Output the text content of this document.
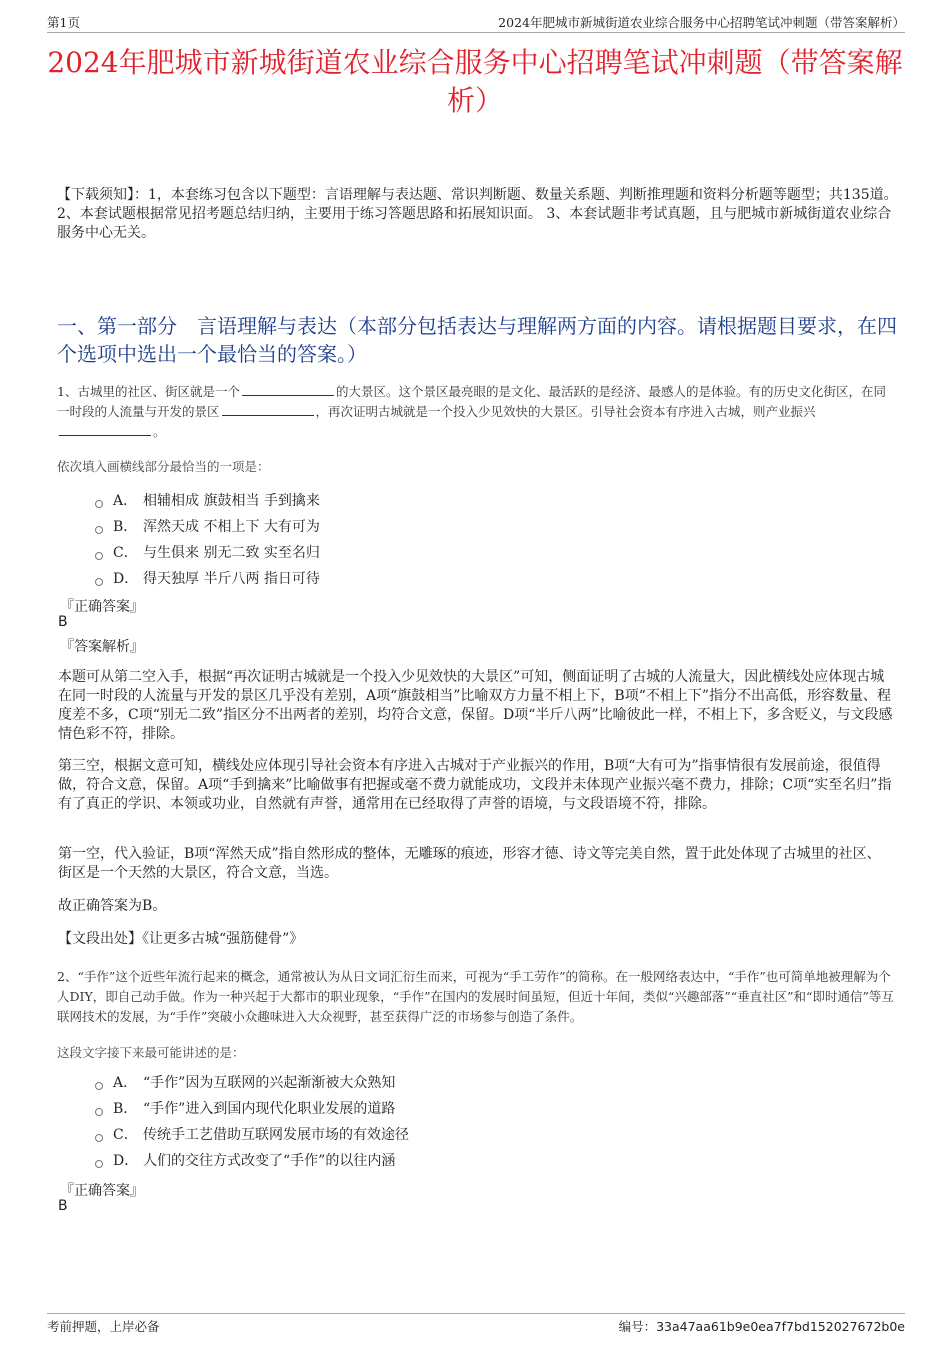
第1页	2024年肥城市新城街道农业综合服务中心招聘笔试冲刺题（带答案解析）
2024年肥城市新城街道农业综合服务中心招聘笔试冲刺题（带答案解析）

【下载须知】：1，本套练习包含以下题型：言语理解与表达题、常识判断题、数量关系题、判断推理题和资料分析题等题型；共135道。 2、本套试题根据常见招考题总结归纳，主要用于练习答题思路和拓展知识面。 3、本套试题非考试真题，且与肥城市新城街道农业综合服务中心无关。

一、第一部分　言语理解与表达（本部分包括表达与理解两方面的内容。请根据题目要求，在四个选项中选出一个最恰当的答案。）

1、古城里的社区、街区就是一个	的大景区。这个景区最亮眼的是文化、最活跃的是经济、最感人的是体验。有的历史文化街区，在同一时段的人流量与开发的景区	，再次证明古城就是一个投入少见效快的大景区。引导社会资本有序进入古城，则产业振兴。

依次填入画横线部分最恰当的一项是：

A． 相辅相成 旗鼓相当 手到擒来
B． 浑然天成 不相上下 大有可为
C． 与生俱来 别无二致 实至名归
D． 得天独厚 半斤八两 指日可待

『正确答案』

B

『答案解析』

本题可从第二空入手，根据“再次证明古城就是一个投入少见效快的大景区”可知，侧面证明了古城的人流量大，因此横线处应体现古城在同一时段的人流量与开发的景区几乎没有差别，A项“旗鼓相当”比喻双方力量不相上下，B项“不相上下”指分不出高低，形容数量、程度差不多，C项“别无二致”指区分不出两者的差别，均符合文意，保留。D项“半斤八两”比喻彼此一样，不相上下，多含贬义，与文段感情色彩不符，排除。

第三空，根据文意可知，横线处应体现引导社会资本有序进入古城对于产业振兴的作用，B项“大有可为”指事情很有发展前途，很值得做，符合文意，保留。A项“手到擒来”比喻做事有把握或毫不费力就能成功，文段并未体现产业振兴毫不费力，排除；C项“实至名归”指有了真正的学识、本领或功业，自然就有声誉，通常用在已经取得了声誉的语境，与文段语境不符，排除。

第一空，代入验证，B项“浑然天成”指自然形成的整体，无雕琢的痕迹，形容才德、诗文等完美自然，置于此处体现了古城里的社区、街区是一个天然的大景区，符合文意，当选。

故正确答案为B。

【文段出处】《让更多古城“强筋健骨”》

2、“手作”这个近些年流行起来的概念，通常被认为从日文词汇衍生而来，可视为“手工劳作”的简称。在一般网络表达中，“手作”也可简单地被理解为个人DIY，即自己动手做。作为一种兴起于大都市的职业现象，“手作”在国内的发展时间虽短，但近十年间，类似“兴趣部落”“垂直社区”和“即时通信”等互联网技术的发展，为“手作”突破小众趣味进入大众视野，甚至获得广泛的市场参与创造了条件。

这段文字接下来最可能讲述的是：

A． “手作”因为互联网的兴起渐渐被大众熟知
B． “手作”进入到国内现代化职业发展的道路
C． 传统手工艺借助互联网发展市场的有效途径
D． 人们的交往方式改变了“手作”的以往内涵

『正确答案』

B

考前押题，上岸必备	编号：33a47aa61b9e0ea7f7bd152027672b0e
